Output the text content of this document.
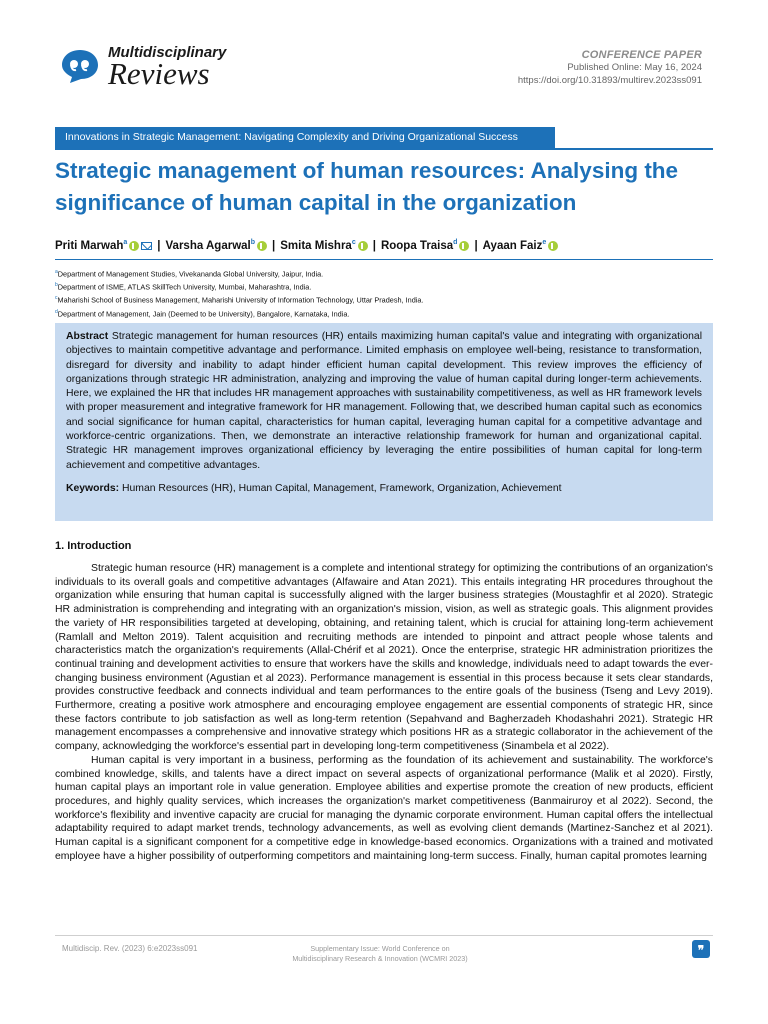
Multidisciplinary
Reviews
CONFERENCE PAPER
Published Online: May 16, 2024
https://doi.org/10.31893/multirev.2023ss091
Innovations in Strategic Management: Navigating Complexity and Driving Organizational Success
Strategic management of human resources: Analysing the significance of human capital in the organization
Priti Marwah$^a$	| Varsha Agarwal$^b$ | Smita Mishra$^c$ | Roopa Traisa$^d$ | Ayaan Faiz$^e$
$^a$Department of Management Studies, Vivekananda Global University, Jaipur, India.
$^b$Department of ISME, ATLAS SkillTech University, Mumbai, Maharashtra, India.
$^c$Maharishi School of Business Management, Maharishi University of Information Technology, Uttar Pradesh, India.
$^d$Department of Management, Jain (Deemed to be University), Bangalore, Karnataka, India.

Abstract Strategic management for human resources (HR) entails maximizing human capital's value and integrating with organizational objectives to maintain competitive advantage and performance. Limited emphasis on employee well-being, resistance to transformation, disregard for diversity and inability to adapt hinder efficient human capital development. This review improves the efficiency of organizations through strategic HR administration, analyzing and improving the value of human capital during longer-term achievements. Here, we explained the HR that includes HR management approaches with sustainability competitiveness, as well as HR framework levels with proper measurement and integrative framework for HR management. Following that, we described human capital such as economics and social significance for human capital, characteristics for human capital, leveraging human capital for a competitive advantage and workforce-centric organizations. Then, we demonstrate an interactive relationship framework for human and organizational capital. Strategic HR management improves organizational efficiency by leveraging the entire possibilities of human capital for long-term achievement and competitive advantages.

Keywords: Human Resources (HR), Human Capital, Management, Framework, Organization, Achievement

1. Introduction

Strategic human resource (HR) management is a complete and intentional strategy for optimizing the contributions of an organization's individuals to its overall goals and competitive advantages (Alfawaire and Atan 2021). This entails integrating HR procedures throughout the organization while ensuring that human capital is successfully aligned with the larger business strategies (Moustaghfir et al 2020). Strategic HR administration is comprehending and integrating with an organization's mission, vision, as well as strategic goals. This alignment provides the variety of HR responsibilities targeted at developing, obtaining, and retaining talent, which is crucial for attaining long-term achievement (Ramlall and Melton 2019). Talent acquisition and recruiting methods are intended to pinpoint and attract people whose talents and characteristics match the organization's requirements (Allal-Chérif et al 2021). Once the enterprise, strategic HR administration prioritizes the continual training and development activities to ensure that workers have the skills and knowledge, individuals need to adapt towards the ever-changing business environment (Agustian et al 2023). Performance management is essential in this process because it sets clear standards, provides constructive feedback and connects individual and team performances to the entire goals of the business (Tseng and Levy 2019). Furthermore, creating a positive work atmosphere and encouraging employee engagement are essential components of strategic HR, since these factors contribute to job satisfaction as well as long-term retention (Sepahvand and Bagherzadeh Khodashahri 2021). Strategic HR management encompasses a comprehensive and innovative strategy which positions HR as a strategic collaborator in the achievement of the company, acknowledging the workforce's essential part in developing long-term competitiveness (Sinambela et al 2022).

Human capital is very important in a business, performing as the foundation of its achievement and sustainability. The workforce's combined knowledge, skills, and talents have a direct impact on several aspects of organizational performance (Malik et al 2020). Firstly, human capital plays an important role in value generation. Employee abilities and expertise promote the creation of new products, efficient procedures, and highly quality services, which increases the organization's market competitiveness (Banmairuroy et al 2022). Second, the workforce's flexibility and inventive capacity are crucial for managing the dynamic corporate environment. Human capital offers the intellectual adaptability required to adapt market trends, technology advancements, as well as evolving client demands (Martinez-Sanchez et al 2021). Human capital is a significant component for a competitive edge in knowledge-based economics. Organizations with a trained and motivated employee have a higher possibility of outperforming competitors and maintaining long-term success. Finally, human capital promotes learning

Multidiscip. Rev. (2023) 6:e2023ss091	Supplementary Issue: World Conference on
Multidisciplinary Research & Innovation (WCMRI 2023)
❞
